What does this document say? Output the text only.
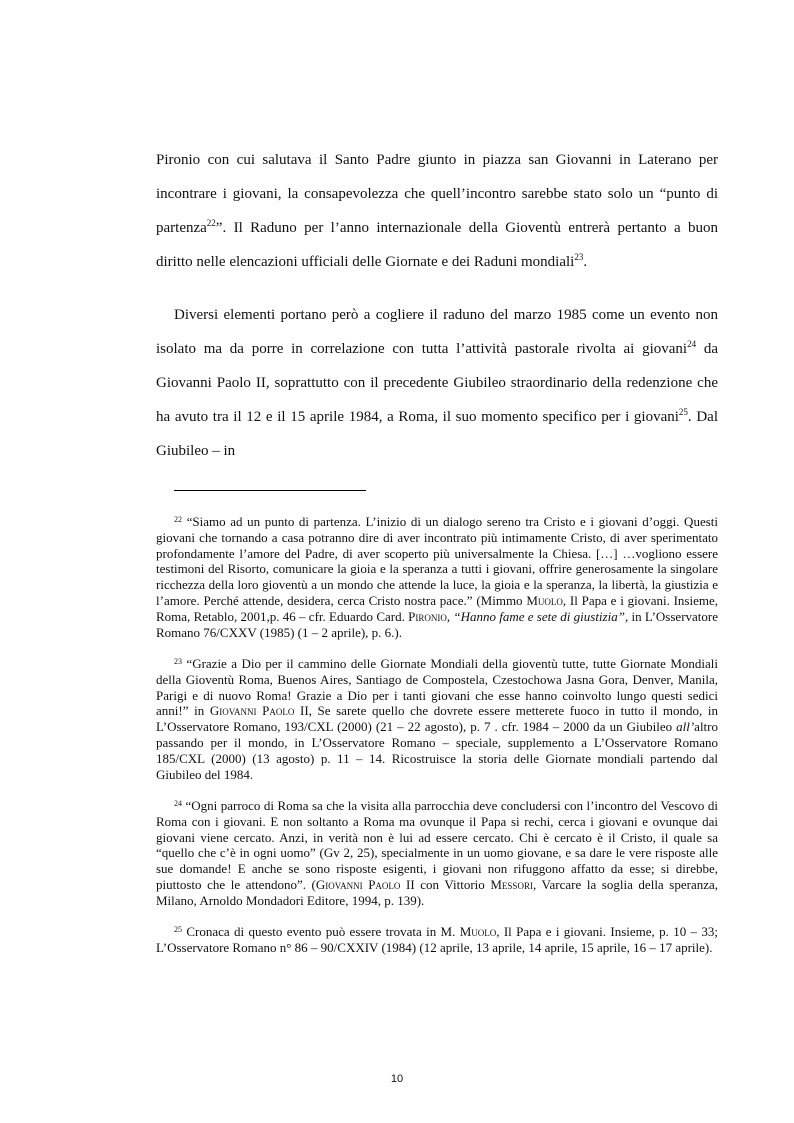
Pironio con cui salutava il Santo Padre giunto in piazza san Giovanni in Laterano per incontrare i giovani, la consapevolezza che quell’incontro sarebbe stato solo un “punto di partenza$^{22}$”. Il Raduno per l’anno internazionale della Gioventù entrerà pertanto a buon diritto nelle elencazioni ufficiali delle Giornate e dei Raduni mondiali$^{23}$.

Diversi elementi portano però a cogliere il raduno del marzo 1985 come un evento non isolato ma da porre in correlazione con tutta l’attività pastorale rivolta ai giovani$^{24}$ da Giovanni Paolo II, soprattutto con il precedente Giubileo straordinario della redenzione che ha avuto tra il 12 e il 15 aprile 1984, a Roma, il suo momento specifico per i giovani$^{25}$. Dal Giubileo – in

$^{22}$ “Siamo ad un punto di partenza. L’inizio di un dialogo sereno tra Cristo e i giovani d’oggi. Questi giovani che tornando a casa potranno dire di aver incontrato più intimamente Cristo, di aver sperimentato profondamente l’amore del Padre, di aver scoperto più universalmente la Chiesa. […] …vogliono essere testimoni del Risorto, comunicare la gioia e la speranza a tutti i giovani, offrire generosamente la singolare ricchezza della loro gioventù a un mondo che attende la luce, la gioia e la speranza, la libertà, la giustizia e l’amore. Perché attende, desidera, cerca Cristo nostra pace.” (Mimmo Muolo, Il Papa e i giovani. Insieme, Roma, Retablo, 2001,p. 46 – cfr. Eduardo Card. Pironio, “Hanno fame e sete di giustizia”, in L’Osservatore Romano 76/CXXV (1985) (1 – 2 aprile), p. 6.).

$^{23}$ “Grazie a Dio per il cammino delle Giornate Mondiali della gioventù tutte, tutte Giornate Mondiali della Gioventù Roma, Buenos Aires, Santiago de Compostela, Czestochowa Jasna Gora, Denver, Manila, Parigi e di nuovo Roma! Grazie a Dio per i tanti giovani che esse hanno coinvolto lungo questi sedici anni!” in Giovanni Paolo II, Se sarete quello che dovrete essere metterete fuoco in tutto il mondo, in L’Osservatore Romano, 193/CXL (2000) (21 – 22 agosto), p. 7 . cfr. 1984 – 2000 da un Giubileo all’altro passando per il mondo, in L’Osservatore Romano – speciale, supplemento a L’Osservatore Romano 185/CXL (2000) (13 agosto) p. 11 – 14. Ricostruisce la storia delle Giornate mondiali partendo dal Giubileo del 1984.

$^{24}$ “Ogni parroco di Roma sa che la visita alla parrocchia deve concludersi con l’incontro del Vescovo di Roma con i giovani. E non soltanto a Roma ma ovunque il Papa si rechi, cerca i giovani e ovunque dai giovani viene cercato. Anzi, in verità non è lui ad essere cercato. Chi è cercato è il Cristo, il quale sa “quello che c’è in ogni uomo” (Gv 2, 25), specialmente in un uomo giovane, e sa dare le vere risposte alle sue domande! E anche se sono risposte esigenti, i giovani non rifuggono affatto da esse; si direbbe, piuttosto che le attendono”. (Giovanni Paolo II con Vittorio Messori, Varcare la soglia della speranza, Milano, Arnoldo Mondadori Editore, 1994, p. 139).

$^{25}$ Cronaca di questo evento può essere trovata in M. Muolo, Il Papa e i giovani. Insieme, p. 10 – 33; L’Osservatore Romano n° 86 – 90/CXXIV (1984) (12 aprile, 13 aprile, 14 aprile, 15 aprile, 16 – 17 aprile).

10
